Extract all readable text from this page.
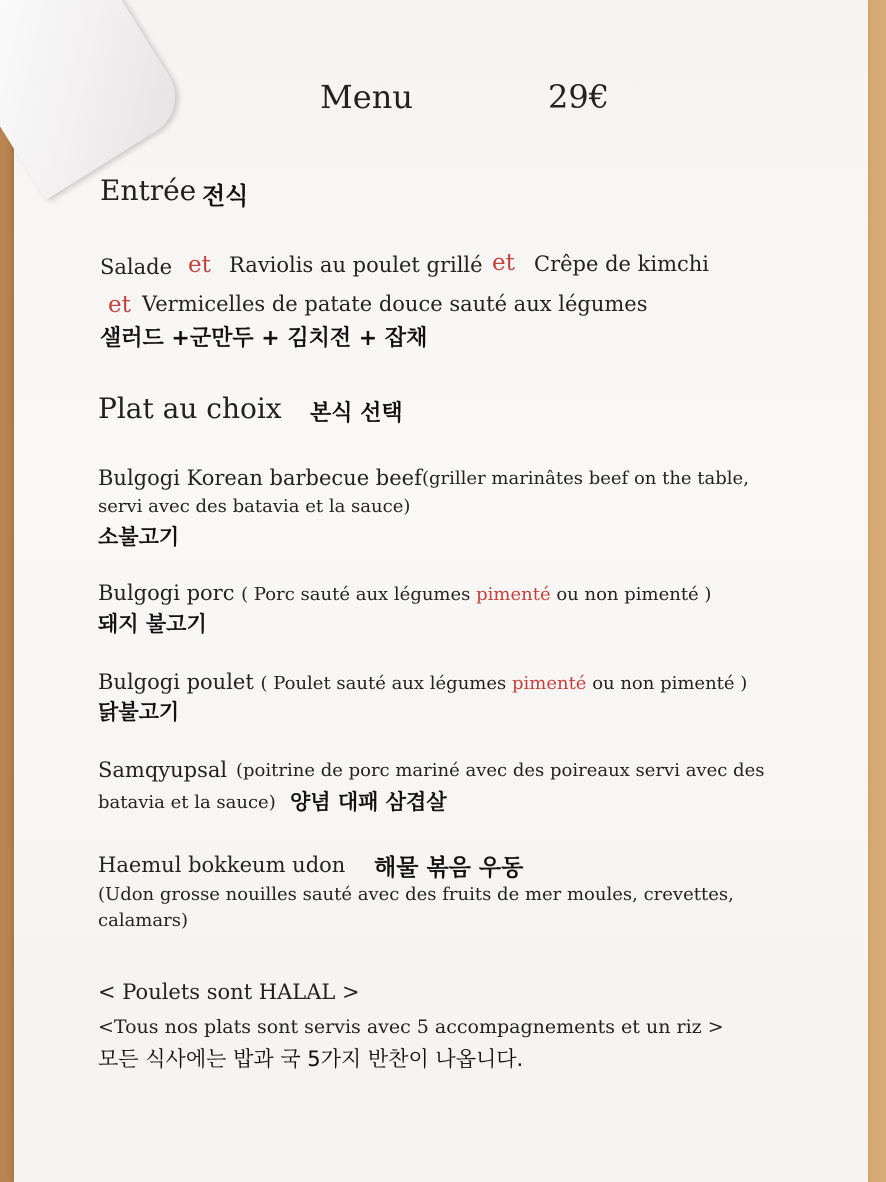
Menu	29€
Entrée 전식
Salade et Raviolis au poulet grillé et Crêpe de kimchi
et Vermicelles de patate douce sauté aux légumes
샐러드 +군만두 + 김치전 + 잡채
Plat au choix 본식 선택
Bulgogi Korean barbecue beef (griller marinâtes beef on the table,
servi avec des batavia et la sauce)
소불고기
Bulgogi porc ( Porc sauté aux légumes pimenté ou non pimenté )
돼지 불고기
Bulgogi poulet ( Poulet sauté aux légumes pimenté ou non pimenté )
닭불고기
Samqyupsal (poitrine de porc mariné avec des poireaux servi avec des
batavia et la sauce) 양념 대패 삼겹살
Haemul bokkeum udon 해물 볶음 우동
(Udon grosse nouilles sauté avec des fruits de mer moules, crevettes,
calamars)
< Poulets sont HALAL >
<Tous nos plats sont servis avec 5 accompagnements et un riz >
모든 식사에는 밥과 국 5가지 반찬이 나옵니다.
